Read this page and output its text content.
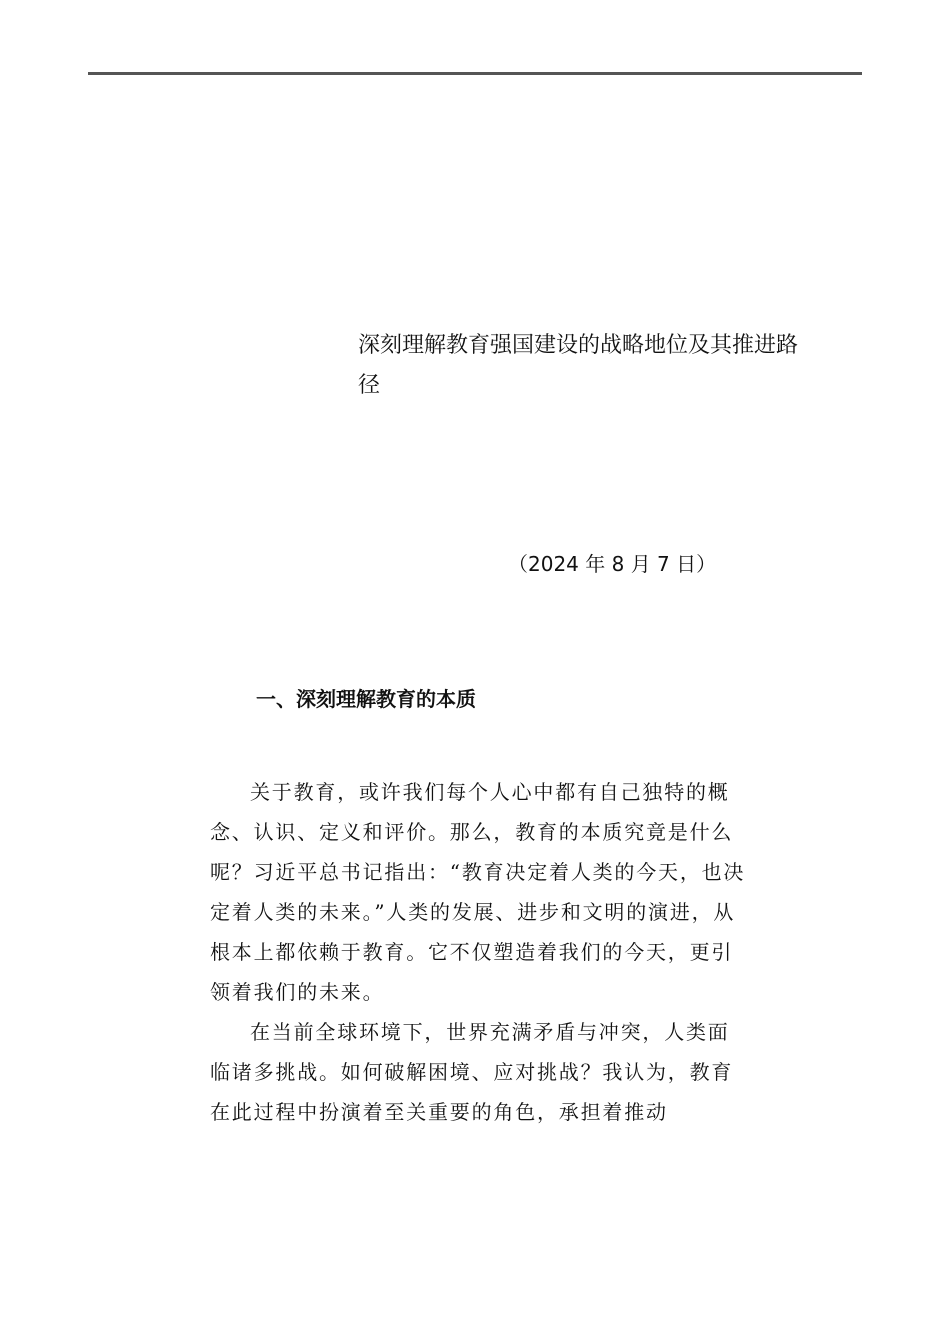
深刻理解教育强国建设的战略地位及其推进路径
（2024 年 8 月 7 日）
一、深刻理解教育的本质

关于教育，或许我们每个人心中都有自己独特的概念、认识、定义和评价。那么，教育的本质究竟是什么呢？习近平总书记指出：“教育决定着人类的今天，也决定着人类的未来。”人类的发展、进步和文明的演进，从根本上都依赖于教育。它不仅塑造着我们的今天，更引领着我们的未来。

在当前全球环境下，世界充满矛盾与冲突，人类面临诸多挑战。如何破解困境、应对挑战？我认为，教育在此过程中扮演着至关重要的角色，承担着推动
